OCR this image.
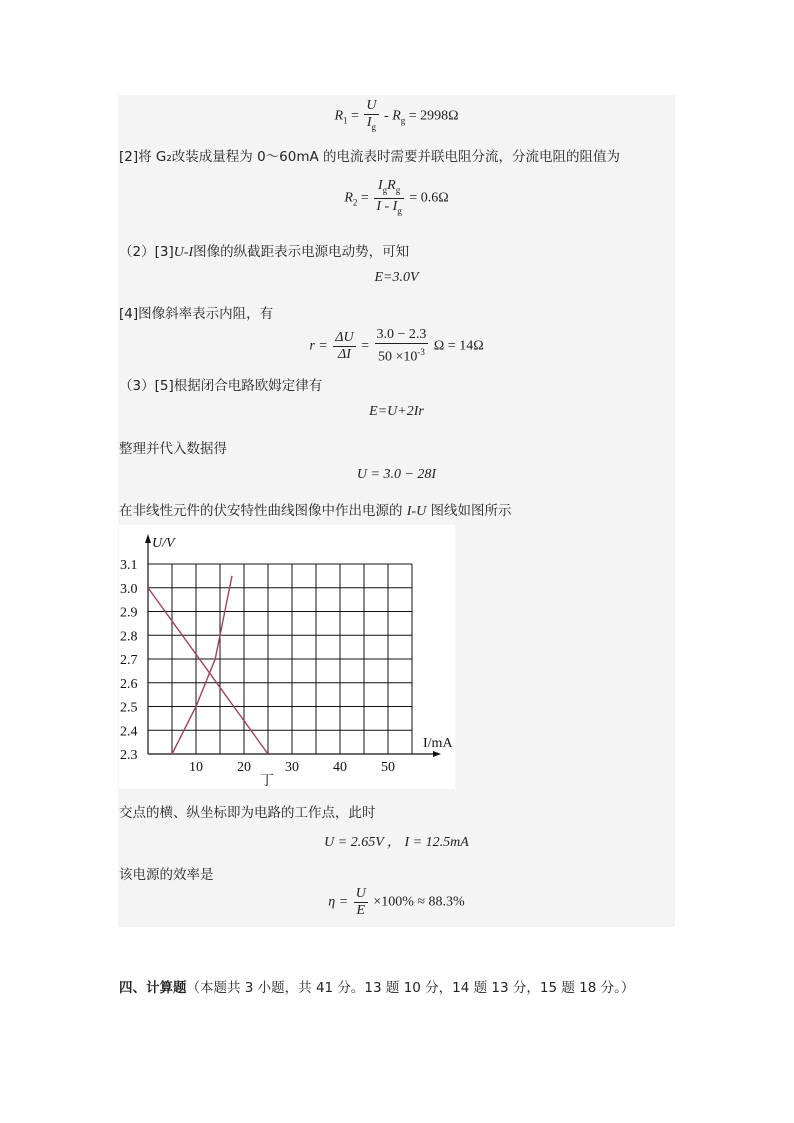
$R_1 = \frac{U}{I_g} - R_g = 2998\Omega$
[2]将 G₂改装成量程为 0～60mA 的电流表时需要并联电阻分流，分流电阻的阻值为
$R_2 = \frac{I_gR_g}{I - I_g} = 0.6\Omega$
（2）[3]U-I图像的纵截距表示电源电动势，可知
E=3.0V
[4]图像斜率表示内阻，有
$r = \frac{\Delta U}{\Delta I} = \frac{3.0 - 2.3}{50 \times 10^{-3}}$ Ω = 14Ω
（3）[5]根据闭合电路欧姆定律有
E=U+2Ir
整理并代入数据得
U = 3.0 − 28I
在非线性元件的伏安特性曲线图像中作出电源的 I-U 图线如图所示
3.1
3.0
2.9
2.8
2.7
2.6
2.5
2.4
2.3
10 20 30 40 50
U/V
I/mA
丁
交点的横、纵坐标即为电路的工作点，此时
U = 2.65V ， I = 12.5mA
该电源的效率是
$\eta = \frac{U}{E} \times 100\% \approx 88.3\%$
四、计算题（本题共 3 小题，共 41 分。13 题 10 分，14 题 13 分，15 题 18 分。）
